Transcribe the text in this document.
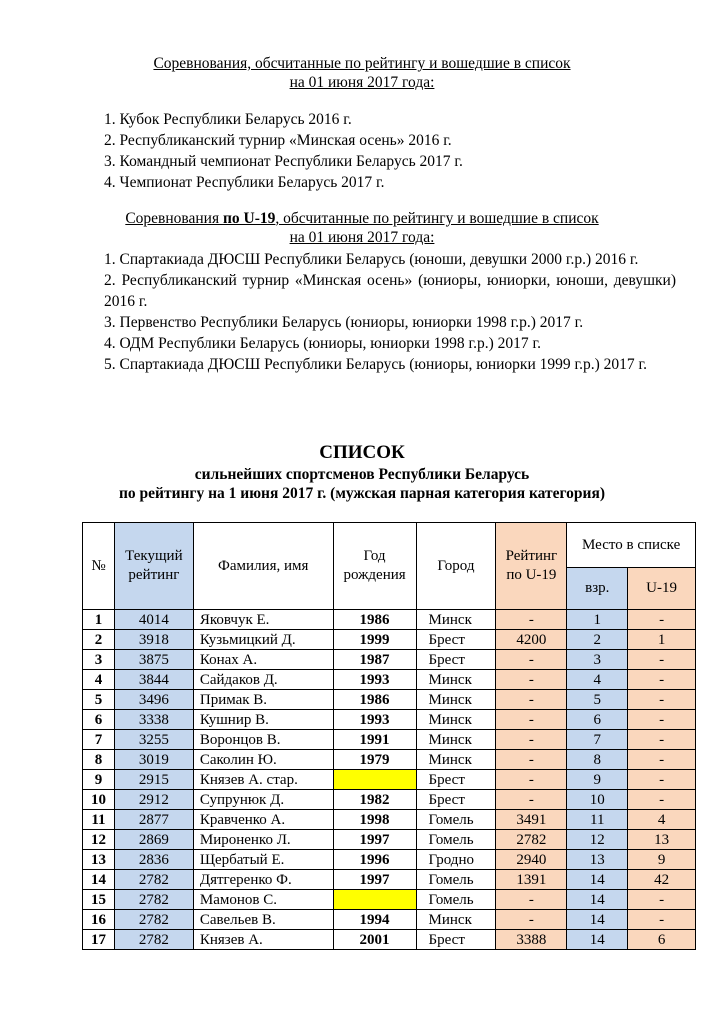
Соревнования, обсчитанные по рейтингу и вошедшие в список
на 01 июня 2017 года:
1. Кубок Республики Беларусь 2016 г.
2. Республиканский турнир «Минская осень» 2016 г.
3. Командный чемпионат Республики Беларусь 2017 г.
4. Чемпионат Республики Беларусь 2017 г.
Соревнования по U-19, обсчитанные по рейтингу и вошедшие в список
на 01 июня 2017 года:
1. Спартакиада ДЮСШ Республики Беларусь (юноши, девушки 2000 г.р.) 2016 г.
2. Республиканский турнир «Минская осень» (юниоры, юниорки, юноши, девушки) 2016 г.
3. Первенство Республики Беларусь (юниоры, юниорки 1998 г.р.) 2017 г.
4. ОДМ Республики Беларусь (юниоры, юниорки 1998 г.р.) 2017 г.
5. Спартакиада ДЮСШ Республики Беларусь (юниоры, юниорки 1999 г.р.) 2017 г.
СПИСОК
сильнейших спортсменов Республики Беларусь
по рейтингу на 1 июня 2017 г. (мужская парная категория категория)
№	Текущий рейтинг	Фамилия, имя	Год рождения	Город	Рейтинг по U-19	Место в списке	
						взр.	U-19
1	4014	Яковчук Е.	1986	Минск	-	1	-
2	3918	Кузьмицкий Д.	1999	Брест	4200	2	1
3	3875	Конах А.	1987	Брест	-	3	-
4	3844	Сайдаков Д.	1993	Минск	-	4	-
5	3496	Примак В.	1986	Минск	-	5	-
6	3338	Кушнир В.	1993	Минск	-	6	-
7	3255	Воронцов В.	1991	Минск	-	7	-
8	3019	Саколин Ю.	1979	Минск	-	8	-
9	2915	Князев А. стар.		Брест	-	9	-
10	2912	Супрунюк Д.	1982	Брест	-	10	-
11	2877	Кравченко А.	1998	Гомель	3491	11	4
12	2869	Мироненко Л.	1997	Гомель	2782	12	13
13	2836	Щербатый Е.	1996	Гродно	2940	13	9
14	2782	Дятгеренко Ф.	1997	Гомель	1391	14	42
15	2782	Мамонов С.		Гомель	-	14	-
16	2782	Савельев В.	1994	Минск	-	14	-
17	2782	Князев А.	2001	Брест	3388	14	6
